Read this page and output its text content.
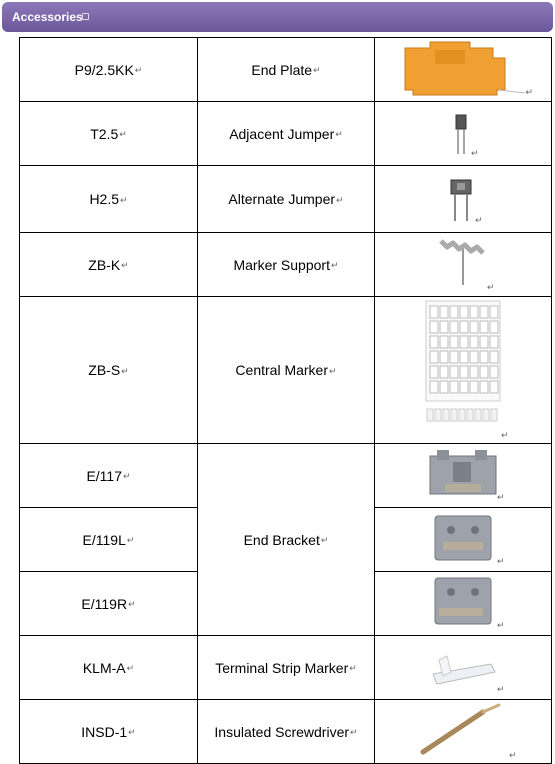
Accessories
P9/2.5KK↵	End Plate↵	↵

T2.5↵	Adjacent Jumper↵	↵

H2.5↵	Alternate Jumper↵	↵

ZB-K↵	Marker Support↵	↵

ZB-S↵	Central Marker↵	↵

E/117↵	End Bracket↵	↵

E/119L↵		↵

E/119R↵		↵

KLM-A↵	Terminal Strip Marker↵	↵

INSD-1↵	Insulated Screwdriver↵	↵
